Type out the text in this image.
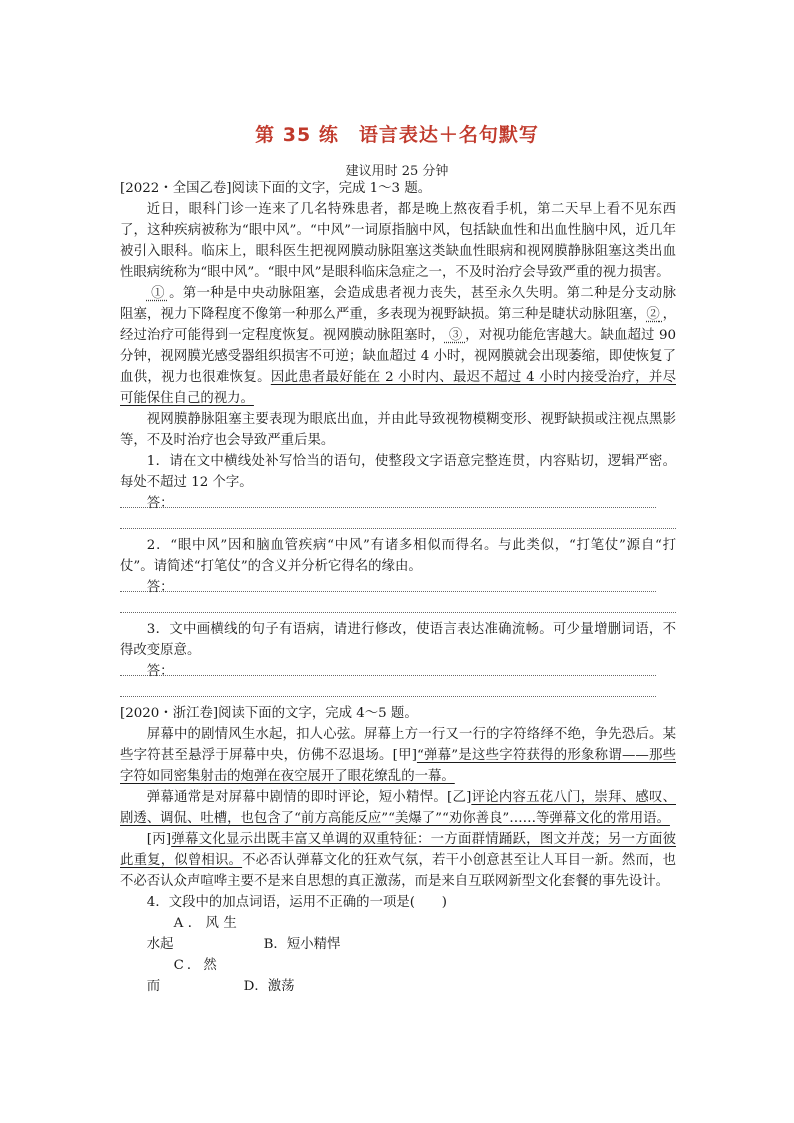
第 35 练　语言表达＋名句默写
建议用时 25 分钟

[2022・全国乙卷]阅读下面的文字，完成 1～3 题。

近日，眼科门诊一连来了几名特殊患者，都是晚上熬夜看手机，第二天早上看不见东西了，这种疾病被称为“眼中风”。“中风”一词原指脑中风，包括缺血性和出血性脑中风，近几年被引入眼科。临床上，眼科医生把视网膜动脉阻塞这类缺血性眼病和视网膜静脉阻塞这类出血性眼病统称为“眼中风”。“眼中风”是眼科临床急症之一，不及时治疗会导致严重的视力损害。

   ①    。第一种是中央动脉阻塞，会造成患者视力丧失，甚至永久失明。第二种是分支动脉阻塞，视力下降程度不像第一种那么严重，多表现为视野缺损。第三种是睫状动脉阻塞，②   ，经过治疗可能得到一定程度恢复。视网膜动脉阻塞时，    ③   ，对视功能危害越大。缺血超过 90 分钟，视网膜光感受器组织损害不可逆；缺血超过 4 小时，视网膜就会出现萎缩，即使恢复了血供，视力也很难恢复。因此患者最好能在 2 小时内、最迟不超过 4 小时内接受治疗，并尽可能保住自己的视力。

视网膜静脉阻塞主要表现为眼底出血，并由此导致视物模糊变形、视野缺损或注视点黑影等，不及时治疗也会导致严重后果。

1．请在文中横线处补写恰当的语句，使整段文字语意完整连贯，内容贴切，逻辑严密。每处不超过 12 个字。

答：

2．“眼中风”因和脑血管疾病“中风”有诸多相似而得名。与此类似，“打笔仗”源自“打仗”。请简述“打笔仗”的含义并分析它得名的缘由。

答：

3．文中画横线的句子有语病，请进行修改，使语言表达准确流畅。可少量增删词语，不得改变原意。

答：

[2020・浙江卷]阅读下面的文字，完成 4～5 题。

屏幕中的剧情风生水起，扣人心弦。屏幕上方一行又一行的字符络绎不绝，争先恐后。某些字符甚至悬浮于屏幕中央，仿佛不忍退场。[甲]“弹幕”是这些字符获得的形象称谓——那些字符如同密集射击的炮弹在夜空展开了眼花缭乱的一幕。

弹幕通常是对屏幕中剧情的即时评论，短小精悍。[乙]评论内容五花八门，崇拜、感叹、剧透、调侃、吐槽，也包含了“前方高能反应”“美爆了”“劝你善良”……等弹幕文化的常用语。

[丙]弹幕文化显示出既丰富又单调的双重特征：一方面群情踊跃，图文并茂；另一方面彼此重复，似曾相识。不必否认弹幕文化的狂欢气氛，若干小创意甚至让人耳目一新。然而，也不必否认众声喧哗主要不是来自思想的真正激荡，而是来自互联网新型文化套餐的事先设计。

4．文段中的加点词语，运用不正确的一项是(　　)

A．风生水起	B．短小精悍

C．然而	D．激荡
